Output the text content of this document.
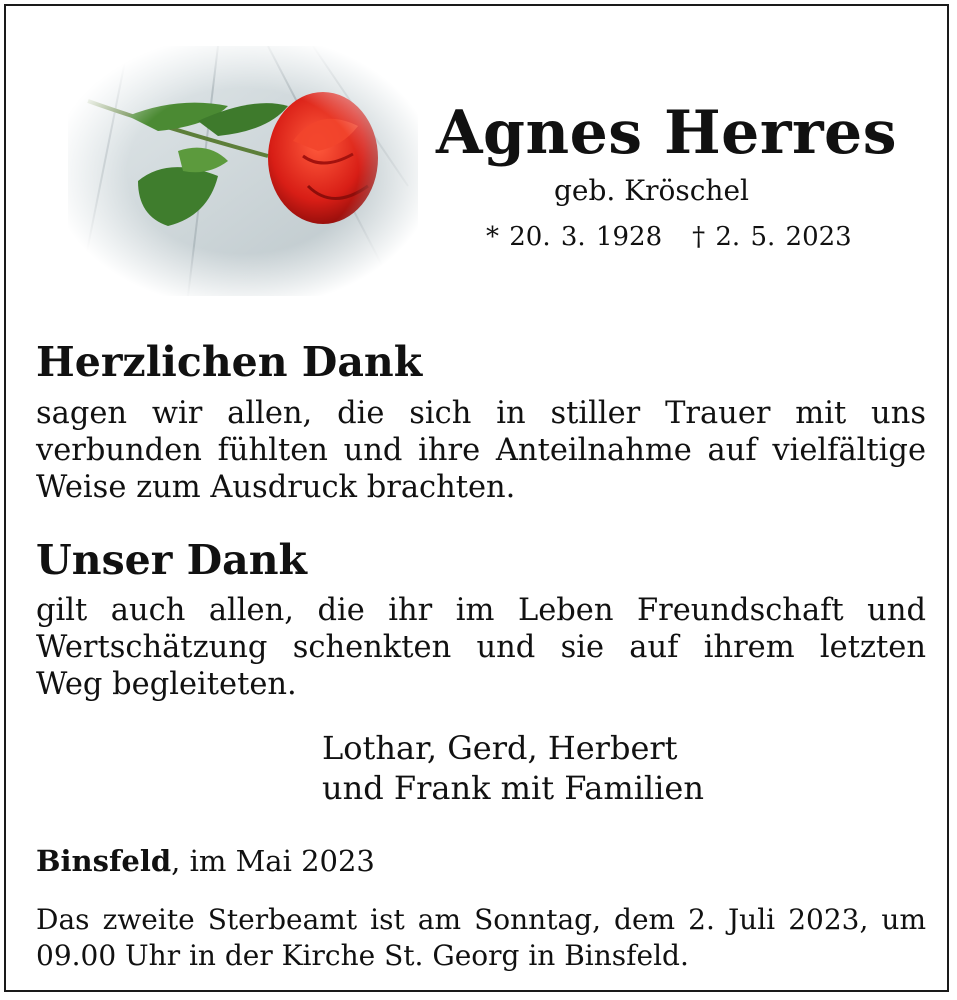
Agnes Herres
geb. Kröschel
* 20. 3. 1928 † 2. 5. 2023
Herzlichen Dank
sagen wir allen, die sich in stiller Trauer mit uns
verbunden fühlten und ihre Anteilnahme auf vielfältige
Weise zum Ausdruck brachten.
Unser Dank
gilt auch allen, die ihr im Leben Freundschaft und
Wertschätzung schenkten und sie auf ihrem letzten
Weg begleiteten.
Lothar, Gerd, Herbert
und Frank mit Familien
Binsfeld, im Mai 2023
Das zweite Sterbeamt ist am Sonntag, dem 2. Juli 2023, um
09.00 Uhr in der Kirche St. Georg in Binsfeld.
